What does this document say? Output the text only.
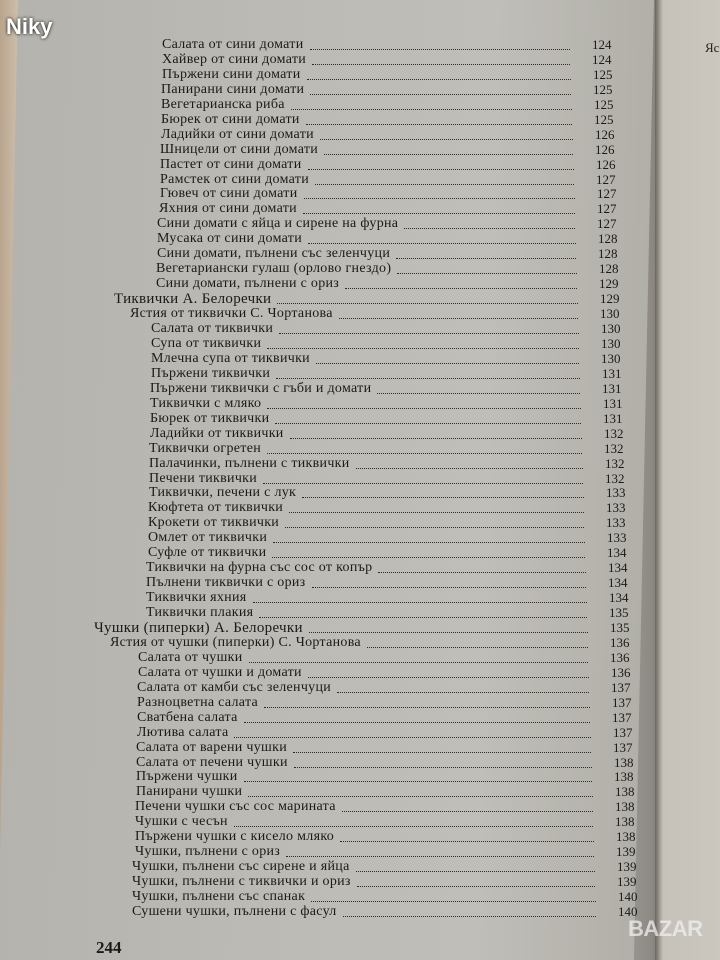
Яс
Салата от сини домати	124
Хайвер от сини домати	124
Пържени сини домати	125
Панирани сини домати	125
Вегетарианска риба	125
Бюрек от сини домати	125
Ладийки от сини домати	126
Шницели от сини домати	126
Пастет от сини домати	126
Рамстек от сини домати	127
Гювеч от сини домати	127
Яхния от сини домати	127
Сини домати с яйца и сирене на фурна	127
Мусака от сини домати	128
Сини домати, пълнени със зеленчуци	128
Вегетариански гулаш (орлово гнездо)	128
Сини домати, пълнени с ориз	129
Тиквички А. Белоречки	129
Ястия от тиквички С. Чортанова	130
Салата от тиквички	130
Супа от тиквички	130
Млечна супа от тиквички	130
Пържени тиквички	131
Пържени тиквички с гъби и домати	131
Тиквички с мляко	131
Бюрек от тиквички	131
Ладийки от тиквички	132
Тиквички огретен	132
Палачинки, пълнени с тиквички	132
Печени тиквички	132
Тиквички, печени с лук	133
Кюфтета от тиквички	133
Крокети от тиквички	133
Омлет от тиквички	133
Суфле от тиквички	134
Тиквички на фурна със сос от копър	134
Пълнени тиквички с ориз	134
Тиквички яхния	134
Тиквички плакия	135
Чушки (пиперки) А. Белоречки	135
Ястия от чушки (пиперки) С. Чортанова	136
Салата от чушки	136
Салата от чушки и домати	136
Салата от камби със зеленчуци	137
Разноцветна салата	137
Сватбена салата	137
Лютива салата	137
Салата от варени чушки	137
Салата от печени чушки	138
Пържени чушки	138
Панирани чушки	138
Печени чушки със сос марината	138
Чушки с чесън	138
Пържени чушки с кисело мляко	138
Чушки, пълнени с ориз	139
Чушки, пълнени със сирене и яйца	139
Чушки, пълнени с тиквички и ориз	139
Чушки, пълнени със спанак	140
Сушени чушки, пълнени с фасул	140
244
Niky
BAZAR
